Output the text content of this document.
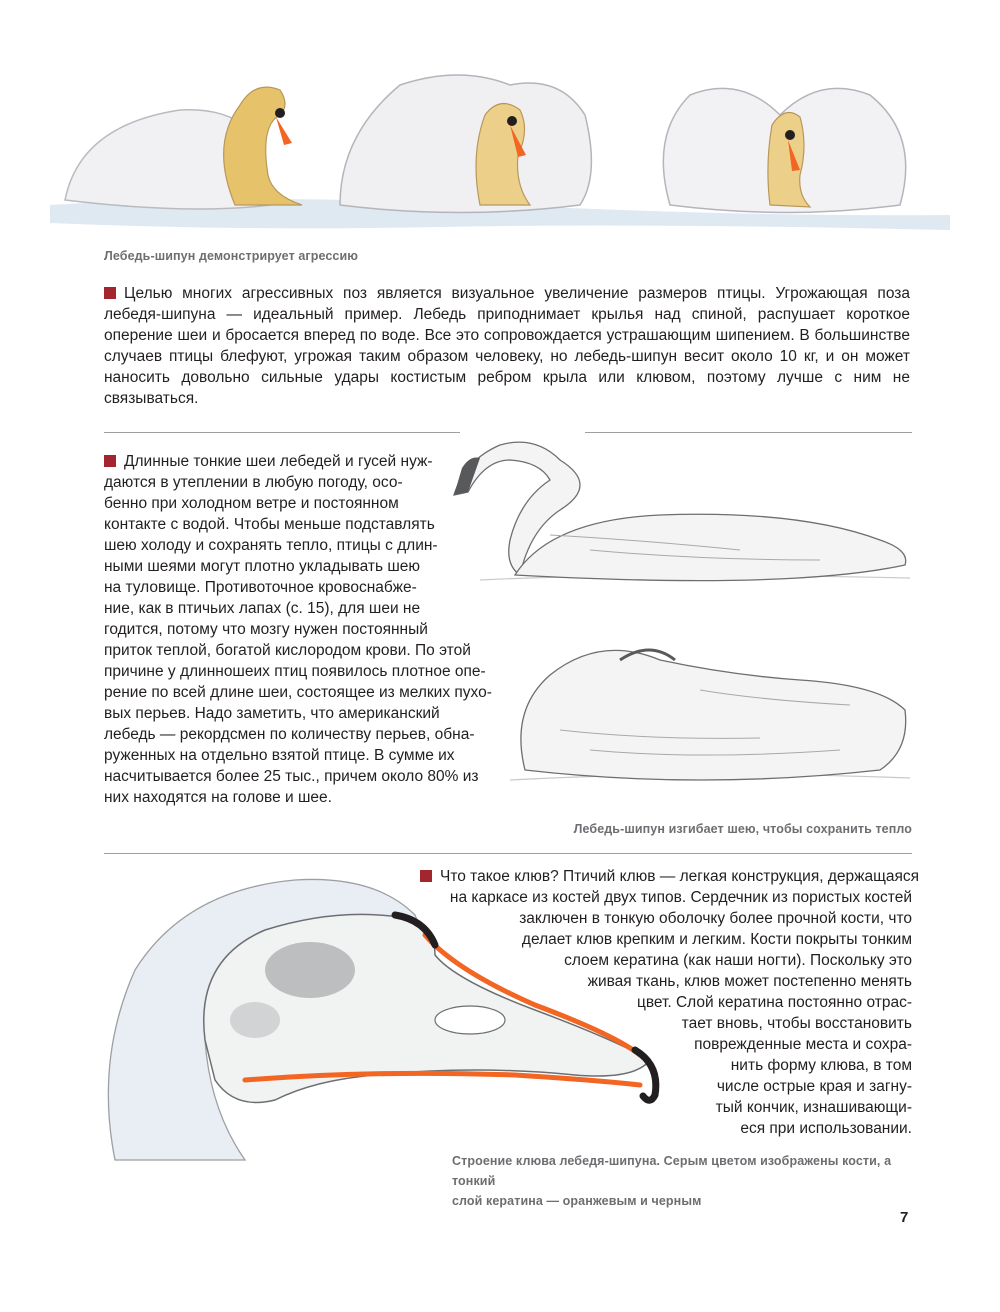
Лебедь-шипун демонстрирует агрессию
Целью многих агрессивных поз является визуальное увеличение размеров птицы. Угрожающая поза лебедя-шипуна — идеальный пример. Лебедь приподнимает крылья над спиной, распушает короткое оперение шеи и бросается вперед по воде. Все это сопровождается устрашающим шипением. В большинстве случаев птицы блефуют, угрожая таким образом человеку, но лебедь-шипун весит около 10 кг, и он может наносить довольно сильные удары костистым ребром крыла или клювом, поэтому лучше с ним не связываться.
Длинные тонкие шеи лебедей и гусей нуж-
даются в утеплении в любую погоду, осо-
бенно при холодном ветре и постоянном
контакте с водой. Чтобы меньше подставлять
шею холоду и сохранять тепло, птицы с длин-
ными шеями могут плотно укладывать шею
на туловище. Противоточное кровоснабже-
ние, как в птичьих лапах (с. 15), для шеи не
годится, потому что мозгу нужен постоянный
приток теплой, богатой кислородом крови. По этой
причине у длинношеих птиц появилось плотное опе-
рение по всей длине шеи, состоящее из мелких пухо-
вых перьев. Надо заметить, что американский
лебедь — рекордсмен по количеству перьев, обна-
руженных на отдельно взятой птице. В сумме их
насчитывается более 25 тыс., причем около 80% из
них находятся на голове и шее.
Лебедь-шипун изгибает шею, чтобы сохранить тепло
Что такое клюв? Птичий клюв — легкая конструкция, держащаяся
на каркасе из костей двух типов. Сердечник из пористых костей
заключен в тонкую оболочку более прочной кости, что
делает клюв крепким и легким. Кости покрыты тонким
слоем кератина (как наши ногти). Поскольку это
живая ткань, клюв может постепенно менять
цвет. Слой кератина постоянно отрас-
тает вновь, чтобы восстановить
поврежденные места и сохра-
нить форму клюва, в том
числе острые края и загну-
тый кончик, изнашивающи-
еся при использовании.
Строение клюва лебедя-шипуна. Серым цветом изображены кости, а тонкий
слой кератина — оранжевым и черным
7
